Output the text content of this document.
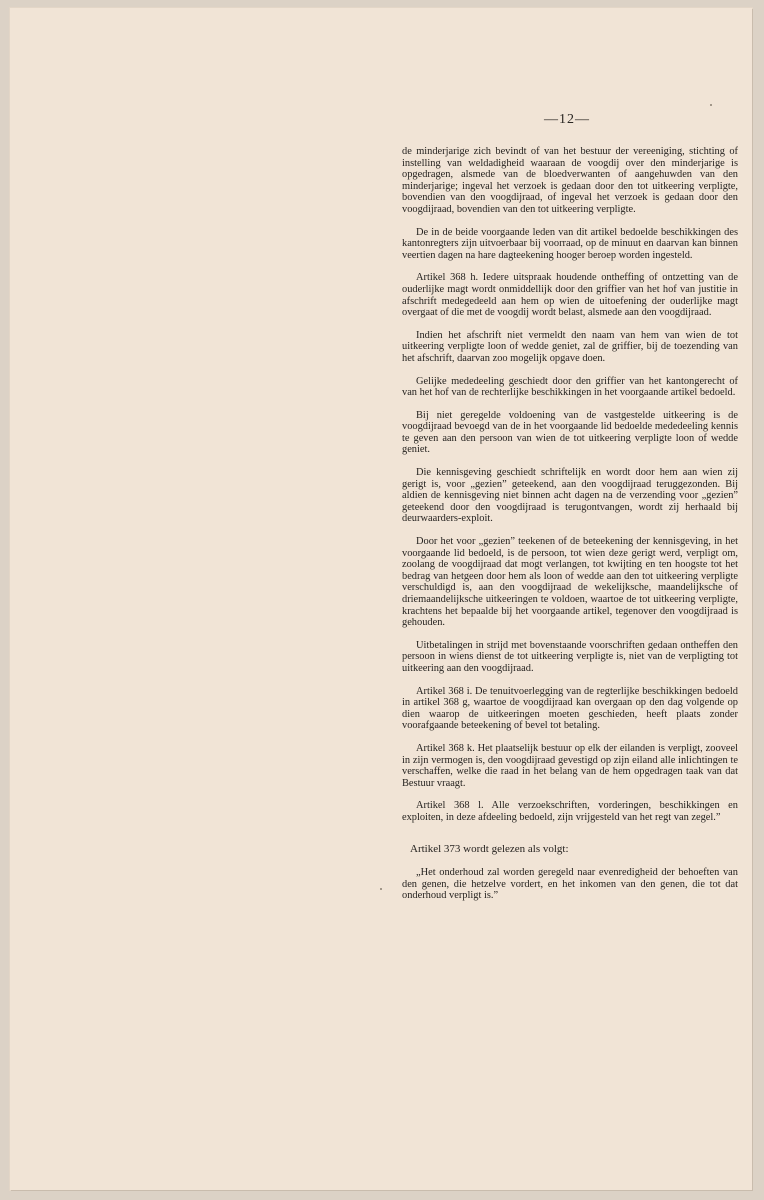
—12—

de minderjarige zich bevindt of van het bestuur der vereeniging, stichting of instelling van weldadigheid waaraan de voogdij over den minderjarige is opgedragen, alsmede van de bloedverwanten of aangehuwden van den minderjarige; ingeval het verzoek is gedaan door den tot uitkeering verpligte, bovendien van den voogdijraad, of ingeval het verzoek is gedaan door den voogdijraad, bovendien van den tot uitkeering verpligte.

De in de beide voorgaande leden van dit artikel bedoelde beschikkingen des kantonregters zijn uitvoerbaar bij voorraad, op de minuut en daarvan kan binnen veertien dagen na hare dagteekening hooger beroep worden ingesteld.

Artikel 368 h. Iedere uitspraak houdende ontheffing of ontzetting van de ouderlijke magt wordt onmiddellijk door den griffier van het hof van justitie in afschrift medegedeeld aan hem op wien de uitoefening der ouderlijke magt overgaat of die met de voogdij wordt belast, alsmede aan den voogdijraad.

Indien het afschrift niet vermeldt den naam van hem van wien de tot uitkeering verpligte loon of wedde geniet, zal de griffier, bij de toezending van het afschrift, daarvan zoo mogelijk opgave doen.

Gelijke mededeeling geschiedt door den griffier van het kantongerecht of van het hof van de rechterlijke beschikkingen in het voorgaande artikel bedoeld.

Bij niet geregelde voldoening van de vastgestelde uitkeering is de voogdijraad bevoegd van de in het voorgaande lid bedoelde mededeeling kennis te geven aan den persoon van wien de tot uitkeering verpligte loon of wedde geniet.

Die kennisgeving geschiedt schriftelijk en wordt door hem aan wien zij gerigt is, voor „gezien” geteekend, aan den voogdijraad teruggezonden. Bij aldien de kennisgeving niet binnen acht dagen na de verzending voor „gezien” geteekend door den voogdijraad is terugontvangen, wordt zij herhaald bij deurwaarders-exploit.

Door het voor „gezien” teekenen of de beteekening der kennisgeving, in het voorgaande lid bedoeld, is de persoon, tot wien deze gerigt werd, verpligt om, zoolang de voogdijraad dat mogt verlangen, tot kwijting en ten hoogste tot het bedrag van hetgeen door hem als loon of wedde aan den tot uitkeering verpligte verschuldigd is, aan den voogdijraad de wekelijksche, maandelijksche of driemaandelijksche uitkeeringen te voldoen, waartoe de tot uitkeering verpligte, krachtens het bepaalde bij het voorgaande artikel, tegenover den voogdijraad is gehouden.

Uitbetalingen in strijd met bovenstaande voorschriften gedaan ontheffen den persoon in wiens dienst de tot uitkeering verpligte is, niet van de verpligting tot uitkeering aan den voogdijraad.

Artikel 368 i. De tenuitvoerlegging van de regterlijke beschikkingen bedoeld in artikel 368 g, waartoe de voogdijraad kan overgaan op den dag volgende op dien waarop de uitkeeringen moeten geschieden, heeft plaats zonder voorafgaande beteekening of bevel tot betaling.

Artikel 368 k. Het plaatselijk bestuur op elk der eilanden is verpligt, zooveel in zijn vermogen is, den voogdijraad gevestigd op zijn eiland alle inlichtingen te verschaffen, welke die raad in het belang van de hem opgedragen taak van dat Bestuur vraagt.

Artikel 368 l. Alle verzoekschriften, vorderingen, beschikkingen en exploiten, in deze afdeeling bedoeld, zijn vrijgesteld van het regt van zegel.”

Artikel 373 wordt gelezen als volgt:

„Het onderhoud zal worden geregeld naar evenredigheid der behoeften van den genen, die hetzelve vordert, en het inkomen van den genen, die tot dat onderhoud verpligt is.”
